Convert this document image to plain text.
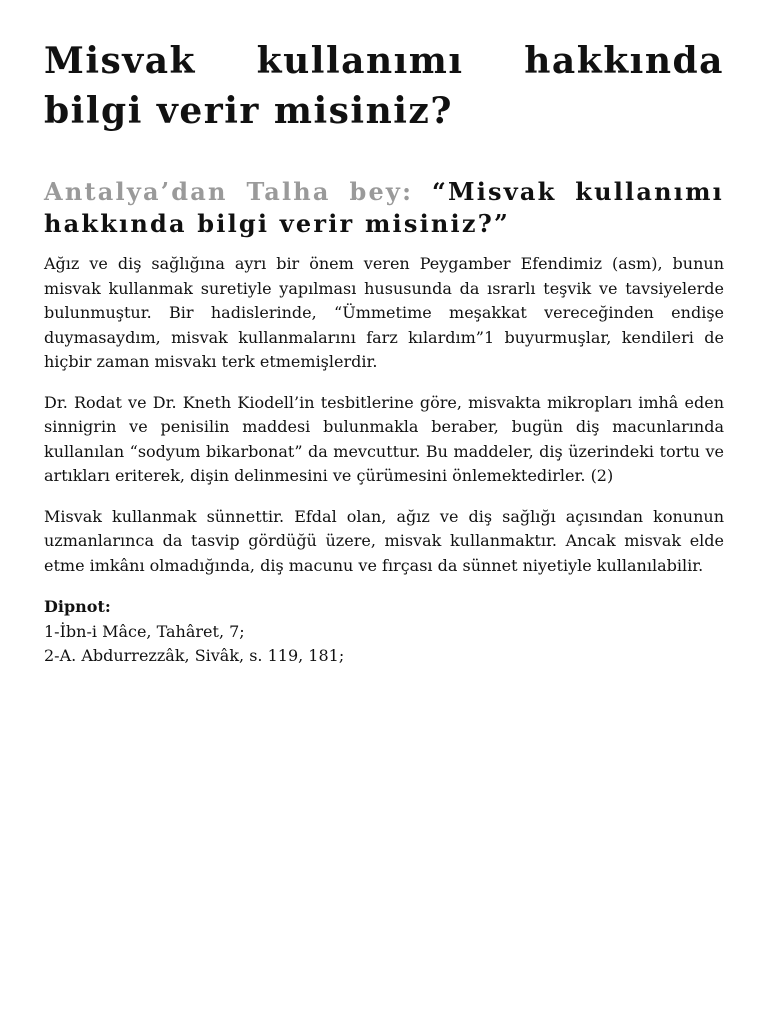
Misvak kullanımı hakkında bilgi verir misiniz?
Antalya’dan Talha bey: “Misvak kullanımı hakkında bilgi verir misiniz?”

Ağız ve diş sağlığına ayrı bir önem veren Peygamber Efendimiz (asm), bunun misvak kullanmak suretiyle yapılması hususunda da ısrarlı teşvik ve tavsiyelerde bulunmuştur. Bir hadislerinde, “Ümmetime meşakkat vereceğinden endişe duymasaydım, misvak kullanmalarını farz kılardım”1 buyurmuşlar, kendileri de hiçbir zaman misvakı terk etmemişlerdir.

Dr. Rodat ve Dr. Kneth Kiodell’in tesbitlerine göre, misvakta mikropları imhâ eden sinnigrin ve penisilin maddesi bulunmakla beraber, bugün diş macunlarında kullanılan “sodyum bikarbonat” da mevcuttur. Bu maddeler, diş üzerindeki tortu ve artıkları eriterek, dişin delinmesini ve çürümesini önlemektedirler. (2)

Misvak kullanmak sünnettir. Efdal olan, ağız ve diş sağlığı açısından konunun uzmanlarınca da tasvip gördüğü üzere, misvak kullanmaktır. Ancak misvak elde etme imkânı olmadığında, diş macunu ve fırçası da sünnet niyetiyle kullanılabilir.

Dipnot:
1-İbn-i Mâce, Tahâret, 7;
2-A. Abdurrezzâk, Sivâk, s. 119, 181;
